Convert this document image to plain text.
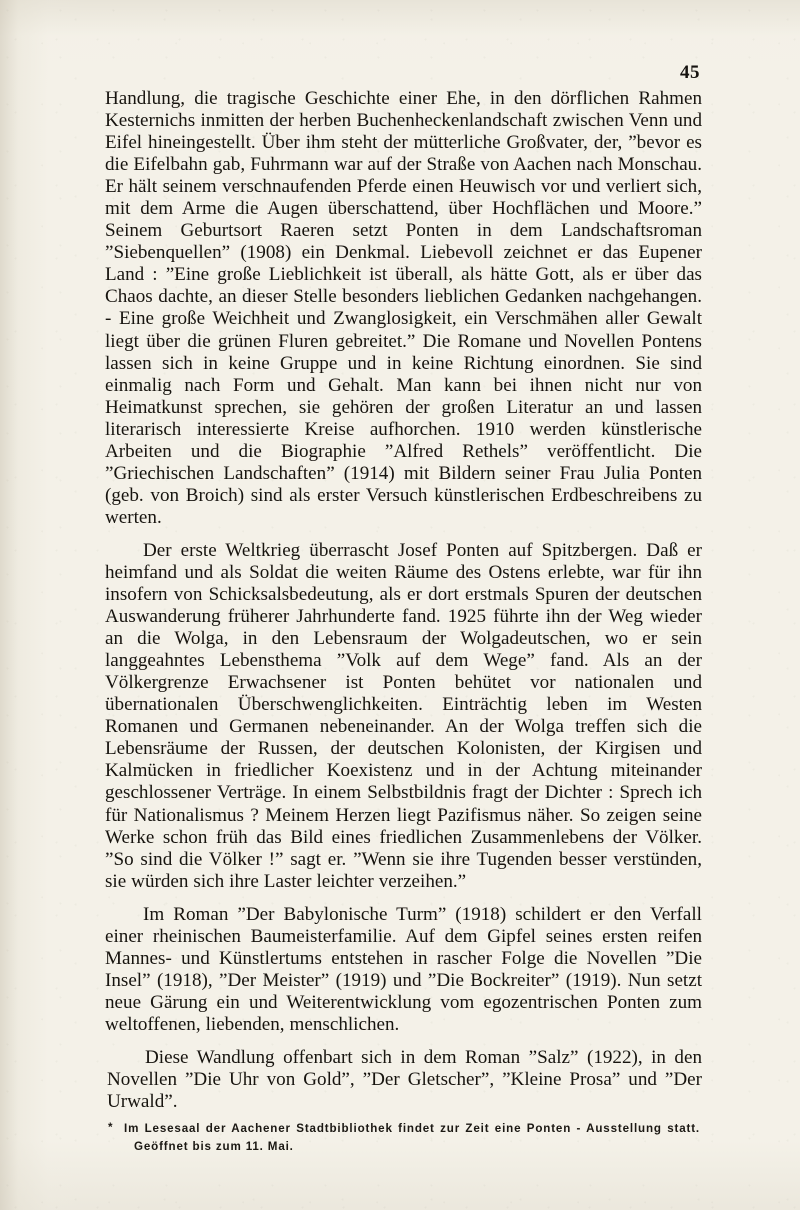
45

Handlung, die tragische Geschichte einer Ehe, in den dörflichen Rahmen Kesternichs inmitten der herben Buchenheckenlandschaft zwischen Venn und Eifel hineingestellt. Über ihm steht der mütterliche Großvater, der, ”bevor es die Eifelbahn gab, Fuhrmann war auf der Straße von Aachen nach Monschau. Er hält seinem verschnaufenden Pferde einen Heuwisch vor und verliert sich, mit dem Arme die Augen überschattend, über Hochflächen und Moore.” Seinem Geburtsort Raeren setzt Ponten in dem Landschaftsroman ”Siebenquellen” (1908) ein Denkmal. Liebevoll zeichnet er das Eupener Land : ”Eine große Lieblichkeit ist überall, als hätte Gott, als er über das Chaos dachte, an dieser Stelle besonders lieblichen Gedanken nachgehangen. - Eine große Weichheit und Zwanglosigkeit, ein Verschmähen aller Gewalt liegt über die grünen Fluren gebreitet.” Die Romane und Novellen Pontens lassen sich in keine Gruppe und in keine Richtung einordnen. Sie sind einmalig nach Form und Gehalt. Man kann bei ihnen nicht nur von Heimatkunst sprechen, sie gehören der großen Literatur an und lassen literarisch interessierte Kreise aufhorchen. 1910 werden künstlerische Arbeiten und die Biographie ”Alfred Rethels” veröffentlicht. Die ”Griechischen Landschaften” (1914) mit Bildern seiner Frau Julia Ponten (geb. von Broich) sind als erster Versuch künstlerischen Erdbeschreibens zu werten.

Der erste Weltkrieg überrascht Josef Ponten auf Spitzbergen. Daß er heimfand und als Soldat die weiten Räume des Ostens erlebte, war für ihn insofern von Schicksalsbedeutung, als er dort erstmals Spuren der deutschen Auswanderung früherer Jahrhunderte fand. 1925 führte ihn der Weg wieder an die Wolga, in den Lebensraum der Wolgadeutschen, wo er sein langgeahntes Lebensthema ”Volk auf dem Wege” fand. Als an der Völkergrenze Erwachsener ist Ponten behütet vor nationalen und übernationalen Überschwenglichkeiten. Einträchtig leben im Westen Romanen und Germanen nebeneinander. An der Wolga treffen sich die Lebensräume der Russen, der deutschen Kolonisten, der Kirgisen und Kalmücken in friedlicher Koexistenz und in der Achtung miteinander geschlossener Verträge. In einem Selbstbildnis fragt der Dichter : Sprech ich für Nationalismus ? Meinem Herzen liegt Pazifismus näher. So zeigen seine Werke schon früh das Bild eines friedlichen Zusammenlebens der Völker. ”So sind die Völker !” sagt er. ”Wenn sie ihre Tugenden besser verstünden, sie würden sich ihre Laster leichter verzeihen.”

Im Roman ”Der Babylonische Turm” (1918) schildert er den Verfall einer rheinischen Baumeisterfamilie. Auf dem Gipfel seines ersten reifen Mannes- und Künstlertums entstehen in rascher Folge die Novellen ”Die Insel” (1918), ”Der Meister” (1919) und ”Die Bockreiter” (1919). Nun setzt neue Gärung ein und Weiterentwicklung vom egozentrischen Ponten zum weltoffenen, liebenden, menschlichen.

Diese Wandlung offenbart sich in dem Roman ”Salz” (1922), in den Novellen ”Die Uhr von Gold”, ”Der Gletscher”, ”Kleine Prosa” und ”Der Urwald”.

* Im Lesesaal der Aachener Stadtbibliothek findet zur Zeit eine Ponten - Ausstellung statt.
Geöffnet bis zum 11. Mai.
